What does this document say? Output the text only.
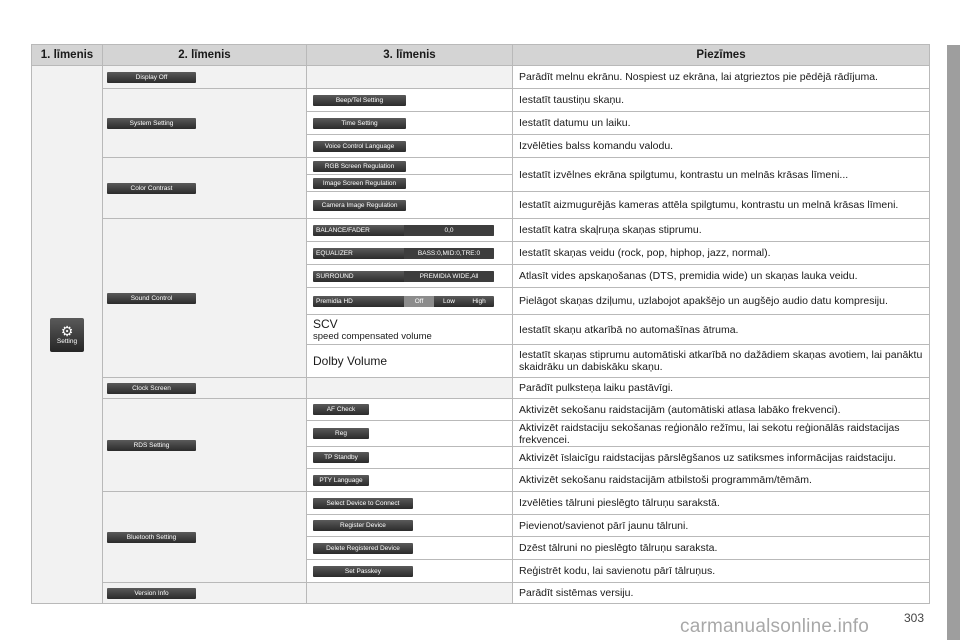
1. līmenis	2. līmenis	3. līmenis	Piezīmes

⚙
Setting	Display Off		Parādīt melnu ekrānu. Nospiest uz ekrāna, lai atgrieztos pie pēdējā rādījuma.
	System Setting	Beep/Tel Setting	Iestatīt taustiņu skaņu.
		Time Setting	Iestatīt datumu un laiku.
		Voice Control Language	Izvēlēties balss komandu valodu.
	Color Contrast	RGB Screen Regulation	Iestatīt izvēlnes ekrāna spilgtumu, kontrastu un melnās krāsas līmeni...
		Image Screen Regulation	
		Camera Image Regulation	Iestatīt aizmugurējās kameras attēla spilgtumu, kontrastu un melnā krāsas līmeni.
	Sound Control	BALANCE/FADER 0,0	Iestatīt katra skaļruņa skaņas stiprumu.

		EQUALIZER BASS:0,MID:0,TRE:0	Iestatīt skaņas veidu (rock, pop, hiphop, jazz, normal).

		SURROUND PREMIDIA WIDE,All	Atlasīt vides apskaņošanas (DTS, premidia wide) un skaņas lauka veidu.

		Premidia HD Off Low High	Pielāgot skaņas dziļumu, uzlabojot apakšējo un augšējo audio datu kompresiju.

		SCV
speed compensated volume	Iestatīt skaņu atkarībā no automašīnas ātruma.

		Dolby Volume	Iestatīt skaņas stiprumu automātiski atkarībā no dažādiem skaņas avotiem, lai panāktu skaidrāku un dabiskāku skaņu.
	Clock Screen		Parādīt pulksteņa laiku pastāvīgi.
	RDS Setting	AF Check	Aktivizēt sekošanu raidstacijām (automātiski atlasa labāko frekvenci).
		Reg	Aktivizēt raidstaciju sekošanas reģionālo režīmu, lai sekotu reģionālās raidstacijas frekvencei.
		TP Standby	Aktivizēt īslaicīgu raidstacijas pārslēgšanos uz satiksmes informācijas raidstaciju.
		PTY Language	Aktivizēt sekošanu raidstacijām atbilstoši programmām/tēmām.
	Bluetooth Setting	Select Device to Connect	Izvēlēties tālruni pieslēgto tālruņu sarakstā.
		Register Device	Pievienot/savienot pārī jaunu tālruni.
		Delete Registered Device	Dzēst tālruni no pieslēgto tālruņu saraksta.
		Set Passkey	Reģistrēt kodu, lai savienotu pārī tālruņus.
	Version Info		Parādīt sistēmas versiju.
carmanualsonline.info	303
